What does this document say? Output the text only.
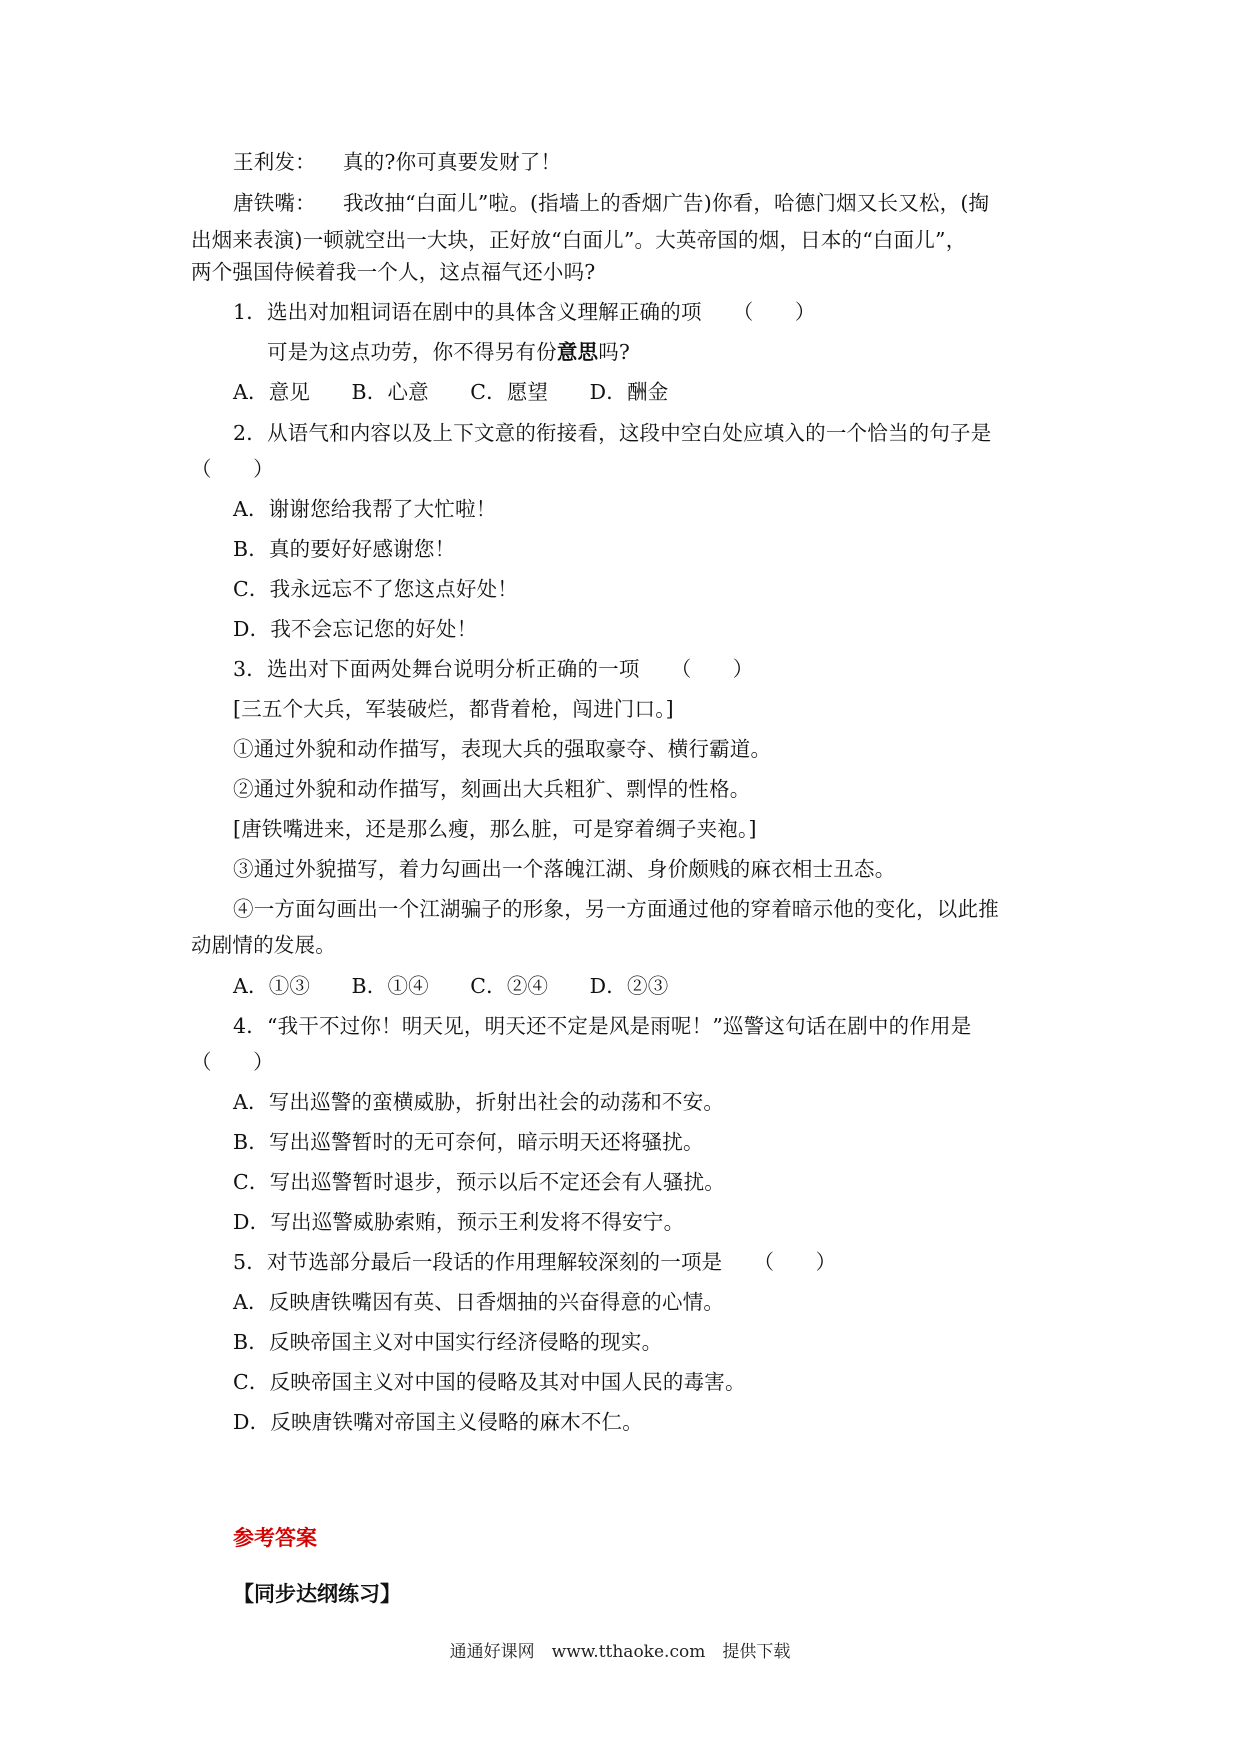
王利发： 真的?你可真要发财了！
唐铁嘴： 我改抽“白面儿”啦。(指墙上的香烟广告)你看，哈德门烟又长又松，(掏
出烟来表演)一顿就空出一大块，正好放“白面儿”。大英帝国的烟，日本的“白面儿”，
两个强国侍候着我一个人，这点福气还小吗?
1．选出对加粗词语在剧中的具体含义理解正确的项　　（　　）
可是为这点功劳，你不得另有份意思吗?
A．意见　　B．心意　　C．愿望　　D．酬金
2．从语气和内容以及上下文意的衔接看，这段中空白处应填入的一个恰当的句子是
（　　）
A．谢谢您给我帮了大忙啦！
B．真的要好好感谢您！
C．我永远忘不了您这点好处！
D．我不会忘记您的好处！
3．选出对下面两处舞台说明分析正确的一项　　（　　）
[三五个大兵，军装破烂，都背着枪，闯进门口。]
①通过外貌和动作描写，表现大兵的强取豪夺、横行霸道。
②通过外貌和动作描写，刻画出大兵粗犷、剽悍的性格。
[唐铁嘴进来，还是那么瘦，那么脏，可是穿着绸子夹袍。]
③通过外貌描写，着力勾画出一个落魄江湖、身价颇贱的麻衣相士丑态。
④一方面勾画出一个江湖骗子的形象，另一方面通过他的穿着暗示他的变化，以此推
动剧情的发展。
A．①③　　B．①④　　C．②④　　D．②③
4．“我干不过你！明天见，明天还不定是风是雨呢！”巡警这句话在剧中的作用是
（　　）
A．写出巡警的蛮横威胁，折射出社会的动荡和不安。
B．写出巡警暂时的无可奈何，暗示明天还将骚扰。
C．写出巡警暂时退步，预示以后不定还会有人骚扰。
D．写出巡警威胁索贿，预示王利发将不得安宁。
5．对节选部分最后一段话的作用理解较深刻的一项是　　（　　）
A．反映唐铁嘴因有英、日香烟抽的兴奋得意的心情。
B．反映帝国主义对中国实行经济侵略的现实。
C．反映帝国主义对中国的侵略及其对中国人民的毒害。
D．反映唐铁嘴对帝国主义侵略的麻木不仁。
参考答案
【同步达纲练习】
通通好课网　www.tthaoke.com　提供下载
